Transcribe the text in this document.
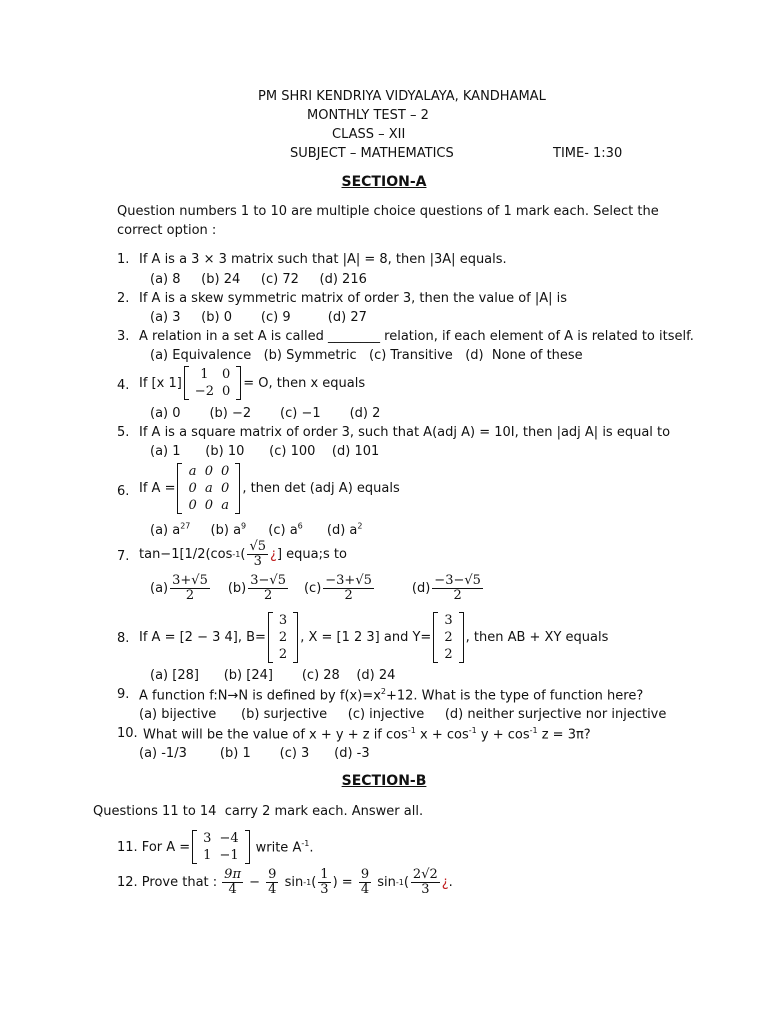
PM SHRI KENDRIYA VIDYALAYA, KANDHAMAL
MONTHLY TEST – 2
CLASS – XII
SUBJECT – MATHEMATICS	TIME- 1:30
SECTION-A
Question numbers 1 to 10 are multiple choice questions of 1 mark each. Select the
correct option :
1. If A is a 3 × 3 matrix such that |A| = 8, then |3A| equals.
(a) 8     (b) 24     (c) 72     (d) 216
2. If A is a skew symmetric matrix of order 3, then the value of |A| is
(a) 3     (b) 0       (c) 9         (d) 27
3. A relation in a set A is called ________ relation, if each element of A is related to itself.
(a) Equivalence   (b) Symmetric   (c) Transitive   (d)  None of these
4. If [x 1]
1	0
−2	0
= O, then x equals
(a) 0       (b) −2       (c) −1       (d) 2
5. If A is a square matrix of order 3, such that A(adj A) = 10I, then |adj A| is equal to
(a) 1      (b) 10      (c) 100    (d) 101
6. If A =
a	0	0
0	a	0
0	0	a
, then det (adj A) equals
(a) $a^{27}$ (b) $a^9$ (c) $a^6$ (d) $a^2$
7. tan−1[1/2(cos -1 ( $\frac{√5}{3}$ ¿ ] equa;s to
$(a) \frac{3+√5}{2} (b) \frac{3-√5}{2} (c) \frac{-3+√5}{2}$	$(d) \frac{-3-√5}{2}$
8. If A = [2 − 3 4], B=
3
2
2
, X = [1 2 3] and Y=
3
2
2
, then AB + XY equals
(a) [28]      (b) [24]       (c) 28    (d) 24
9. A function f:N→N is defined by $f(x)=x^2+12$. What is the type of function here?
(a) bijective      (b) surjective     (c) injective     (d) neither surjective nor injective
10. What will be the value of x + y + z if $\cos^{-1} x + \cos^{-1} y + \cos^{-1} z = 3\pi$?
(a) -1/3        (b) 1       (c) 3      (d) -3
SECTION-B
Questions 11 to 14  carry 2 mark each. Answer all.
11. For A =
3	−4
1	−1
write $A^{-1}$.
12. Prove that : $\frac{9\pi}{4} - \frac{9}{4}$ sin -1 ( $\frac{1}{3}$ ) = $\frac{9}{4}$ sin -1 ( $\frac{2√2}{3}$ ¿ .
